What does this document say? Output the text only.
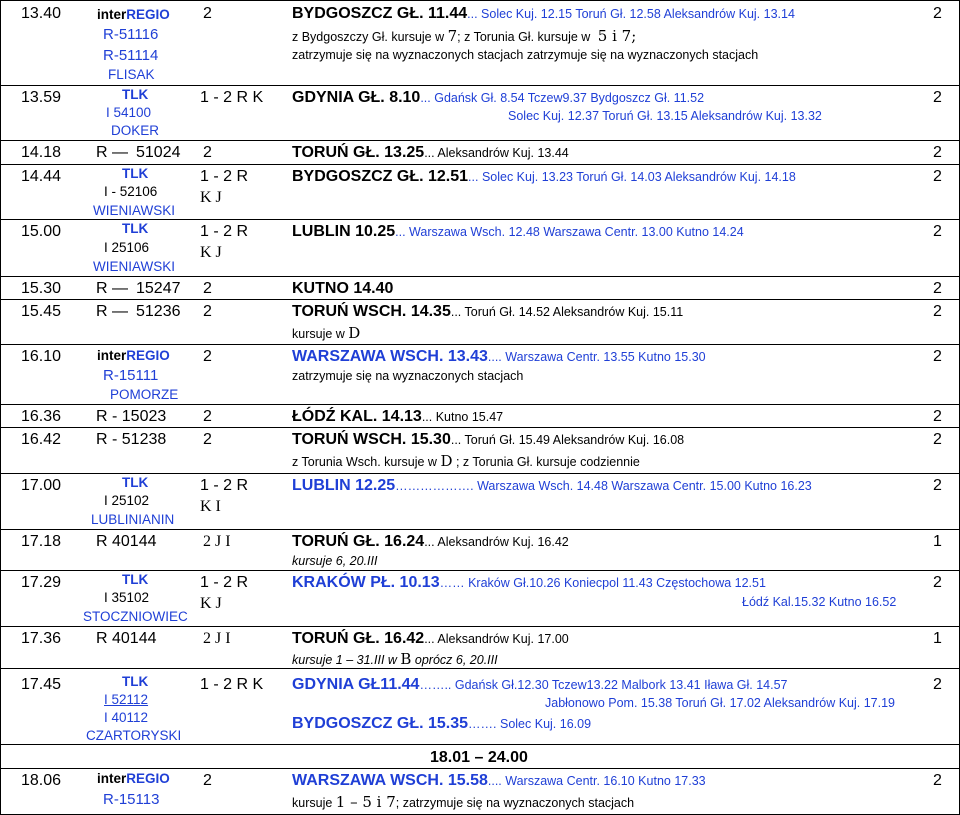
13.40	interREGIO
R-51116
R-51114
FLISAK
2	BYDGOSZCZ GŁ. 11.44... Solec Kuj. 12.15 Toruń Gł. 12.58 Aleksandrów Kuj. 13.14
z Bydgoszczy Gł. kursuje w 7; z Torunia Gł. kursuje w 5 i 7;
zatrzymuje się na wyznaczonych stacjach zatrzymuje się na wyznaczonych stacjach
2
13.59	TLK
I 54100
DOKER
1 - 2 R K GDYNIA GŁ. 8.10... Gdańsk Gł. 8.54 Tczew9.37 Bydgoszcz Gł. 11.52
Solec Kuj. 12.37 Toruń Gł. 13.15 Aleksandrów Kuj. 13.32
2
14.18 R — 51024 2	TORUŃ GŁ. 13.25... Aleksandrów Kuj. 13.44	2
14.44	TLK
I - 52106
WIENIAWSKI
1 - 2 R
K J
BYDGOSZCZ GŁ. 12.51... Solec Kuj. 13.23 Toruń Gł. 14.03 Aleksandrów Kuj. 14.18	2
15.00	TLK
I 25106
WIENIAWSKI
1 - 2 R
K J
LUBLIN 10.25... Warszawa Wsch. 12.48 Warszawa Centr. 13.00 Kutno 14.24	2
15.30 R — 15247 2	KUTNO 14.40	2
15.45 R — 51236 2	TORUŃ WSCH. 14.35... Toruń Gł. 14.52 Aleksandrów Kuj. 15.11
kursuje w D
2
16.10	interREGIO
R-15111
POMORZE
2	WARSZAWA WSCH. 13.43.... Warszawa Centr. 13.55 Kutno 15.30
zatrzymuje się na wyznaczonych stacjach
2
16.36 R - 15023 2	ŁÓDŹ KAL. 14.13... Kutno 15.47	2
16.42 R - 51238 2	TORUŃ WSCH. 15.30... Toruń Gł. 15.49 Aleksandrów Kuj. 16.08
z Torunia Wsch. kursuje w D ; z Torunia Gł. kursuje codziennie
2
17.00	TLK
I 25102
LUBLINIANIN
1 - 2 R
K I
LUBLIN 12.25………………. Warszawa Wsch. 14.48 Warszawa Centr. 15.00 Kutno 16.23	2
17.18 R 40144	2 J I	TORUŃ GŁ. 16.24... Aleksandrów Kuj. 16.42
kursuje 6, 20.III
1
17.29	TLK
I 35102
STOCZNIOWIEC
1 - 2 R
K J
KRAKÓW PŁ. 10.13…… Kraków Gł.10.26 Koniecpol 11.43 Częstochowa 12.51
Łódź Kal.15.32 Kutno 16.52
2
17.36 R 40144	2 J I	TORUŃ GŁ. 16.42... Aleksandrów Kuj. 17.00
kursuje 1 – 31.III w B oprócz 6, 20.III
1
17.45	TLK
I 52112
I 40112
CZARTORYSKI
1 - 2 R K GDYNIA GŁ11.44…….. Gdańsk Gł.12.30 Tczew13.22 Malbork 13.41 Iława Gł. 14.57
Jabłonowo Pom. 15.38 Toruń Gł. 17.02 Aleksandrów Kuj. 17.19
BYDGOSZCZ GŁ. 15.35……. Solec Kuj. 16.09
2
18.01 – 24.00
18.06	interREGIO
R-15113
2	WARSZAWA WSCH. 15.58.... Warszawa Centr. 16.10 Kutno 17.33
kursuje 1 – 5 i 7; zatrzymuje się na wyznaczonych stacjach
2
